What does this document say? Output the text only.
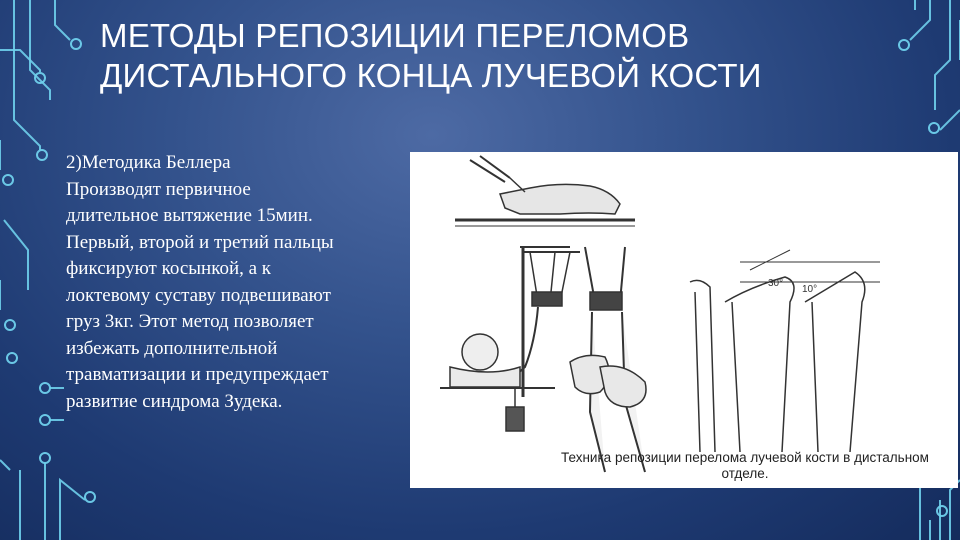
МЕТОДЫ РЕПОЗИЦИИ ПЕРЕЛОМОВ
ДИСТАЛЬНОГО КОНЦА ЛУЧЕВОЙ КОСТИ
2)Методика Беллера
Производят первичное
длительное вытяжение 15мин.
Первый, второй и третий пальцы
фиксируют косынкой, а к
локтевому суставу подвешивают
груз 3кг. Этот метод позволяет
избежать дополнительной
травматизации и предупреждает
развитие синдрома Зудека.
30°
10°
Техника репозиции перелома лучевой кости в дистальном
отделе.
